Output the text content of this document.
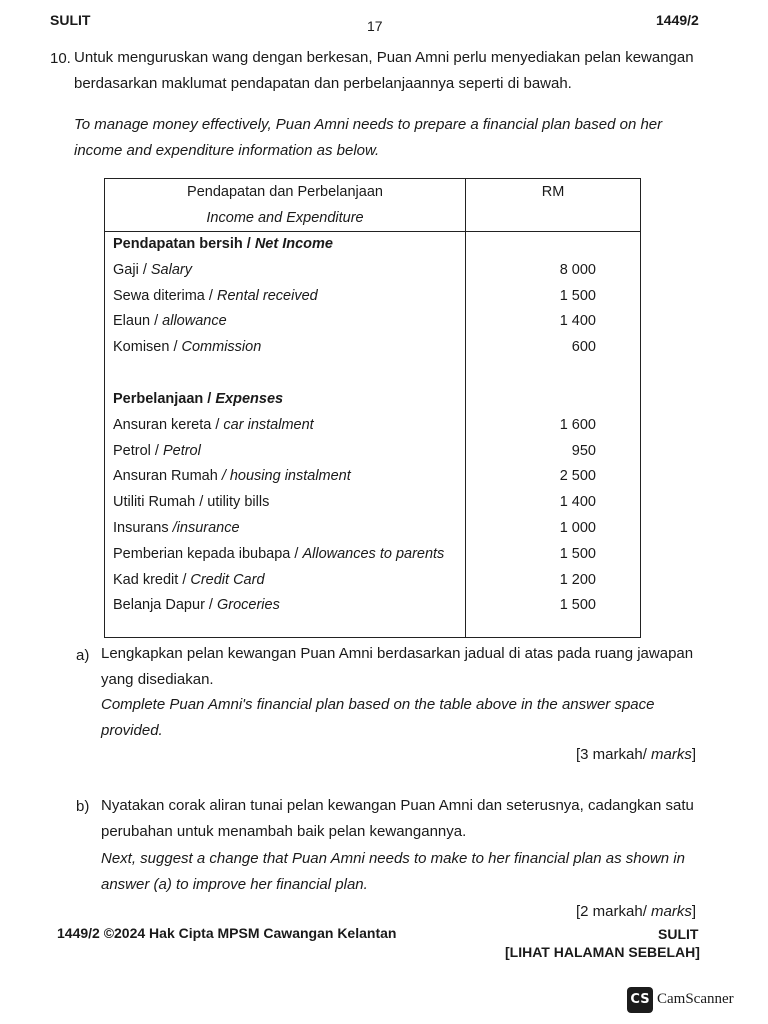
SULIT	17	1449/2
10. Untuk menguruskan wang dengan berkesan, Puan Amni perlu menyediakan pelan kewangan
berdasarkan maklumat pendapatan dan perbelanjaannya seperti di bawah.
To manage money effectively, Puan Amni needs to prepare a financial plan based on her
income and expenditure information as below.
Pendapatan dan Perbelanjaan
Income and Expenditure	RM
Pendapatan bersih / Net Income	
Gaji / Salary	8 000
Sewa diterima / Rental received	1 500
Elaun / allowance	1 400
Komisen / Commission	600

Perbelanjaan / Expenses	
Ansuran kereta / car instalment	1 600
Petrol / Petrol	950
Ansuran Rumah / housing instalment	2 500
Utiliti Rumah / utility bills	1 400
Insurans /insurance	1 000
Pemberian kepada ibubapa / Allowances to parents	1 500
Kad kredit / Credit Card	1 200
Belanja Dapur / Groceries	1 500

a) Lengkapkan pelan kewangan Puan Amni berdasarkan jadual di atas pada ruang jawapan
yang disediakan.
Complete Puan Amni's financial plan based on the table above in the answer space
provided.
[3 markah/ marks]
b) Nyatakan corak aliran tunai pelan kewangan Puan Amni dan seterusnya, cadangkan satu
perubahan untuk menambah baik pelan kewangannya.
Next, suggest a change that Puan Amni needs to make to her financial plan as shown in
answer (a) to improve her financial plan.
[2 markah/ marks]
1449/2 ©2024 Hak Cipta MPSM Cawangan Kelantan	SULIT
[LIHAT HALAMAN SEBELAH]
CS CamScanner
